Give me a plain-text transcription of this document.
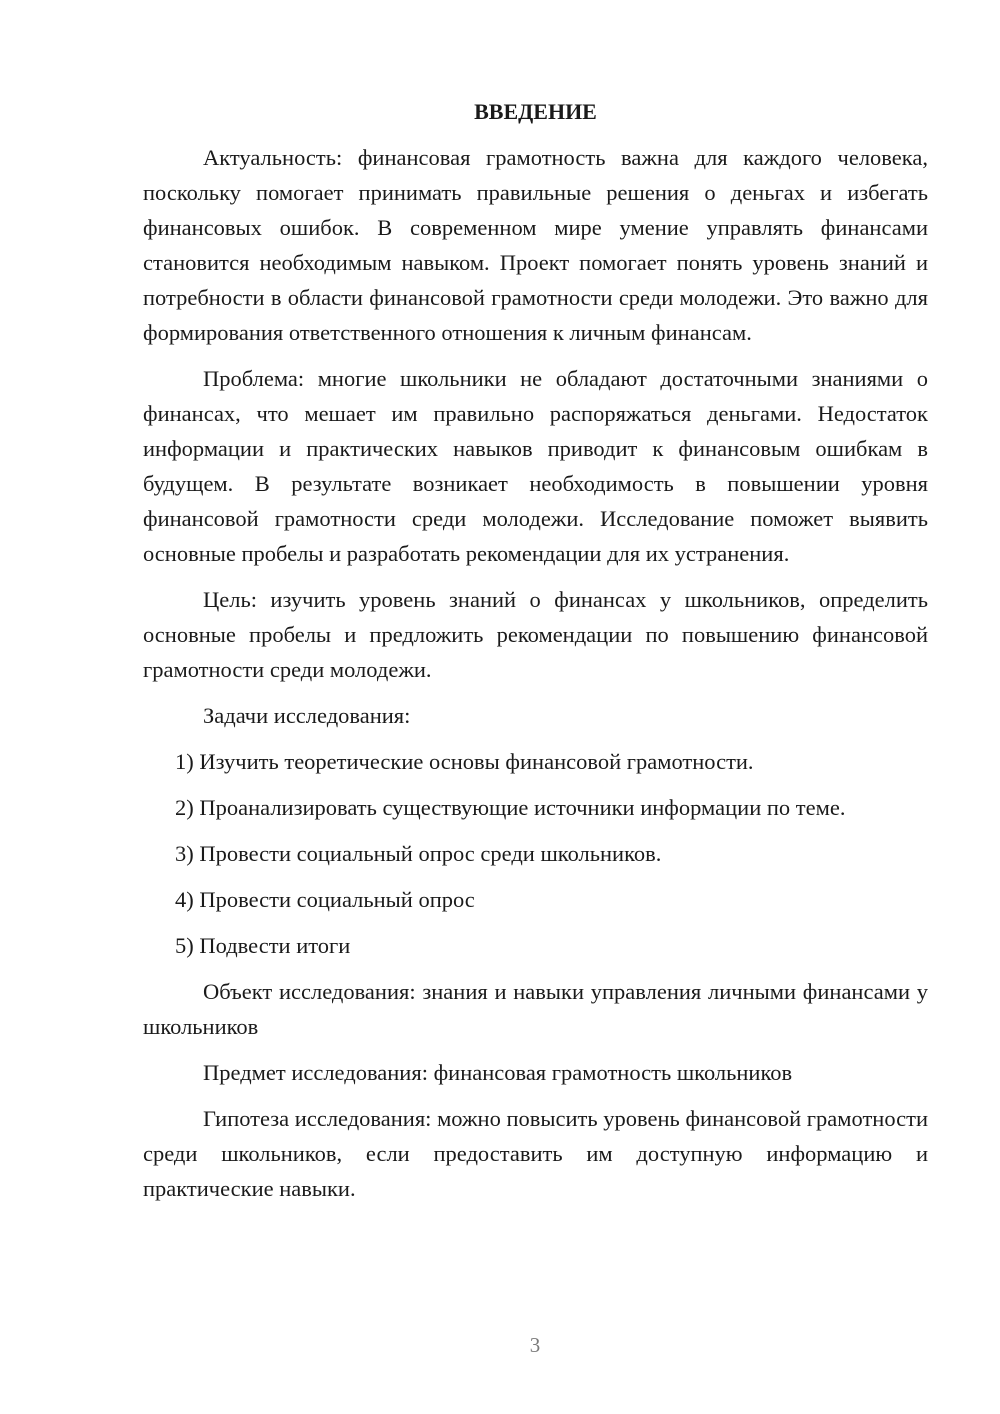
ВВЕДЕНИЕ

Актуальность: финансовая грамотность важна для каждого человека, поскольку помогает принимать правильные решения о деньгах и избегать финансовых ошибок. В современном мире умение управлять финансами становится необходимым навыком. Проект помогает понять уровень знаний и потребности в области финансовой грамотности среди молодежи. Это важно для формирования ответственного отношения к личным финансам.

Проблема: многие школьники не обладают достаточными знаниями о финансах, что мешает им правильно распоряжаться деньгами. Недостаток информации и практических навыков приводит к финансовым ошибкам в будущем. В результате возникает необходимость в повышении уровня финансовой грамотности среди молодежи. Исследование поможет выявить основные пробелы и разработать рекомендации для их устранения.

Цель: изучить уровень знаний о финансах у школьников, определить основные пробелы и предложить рекомендации по повышению финансовой грамотности среди молодежи.

Задачи исследования:

1) Изучить теоретические основы финансовой грамотности.
2) Проанализировать существующие источники информации по теме.
3) Провести социальный опрос среди школьников.
4) Провести социальный опрос
5) Подвести итоги

Объект исследования: знания и навыки управления личными финансами у школьников

Предмет исследования: финансовая грамотность школьников

Гипотеза исследования: можно повысить уровень финансовой грамотности среди школьников, если предоставить им доступную информацию и практические навыки.

3
